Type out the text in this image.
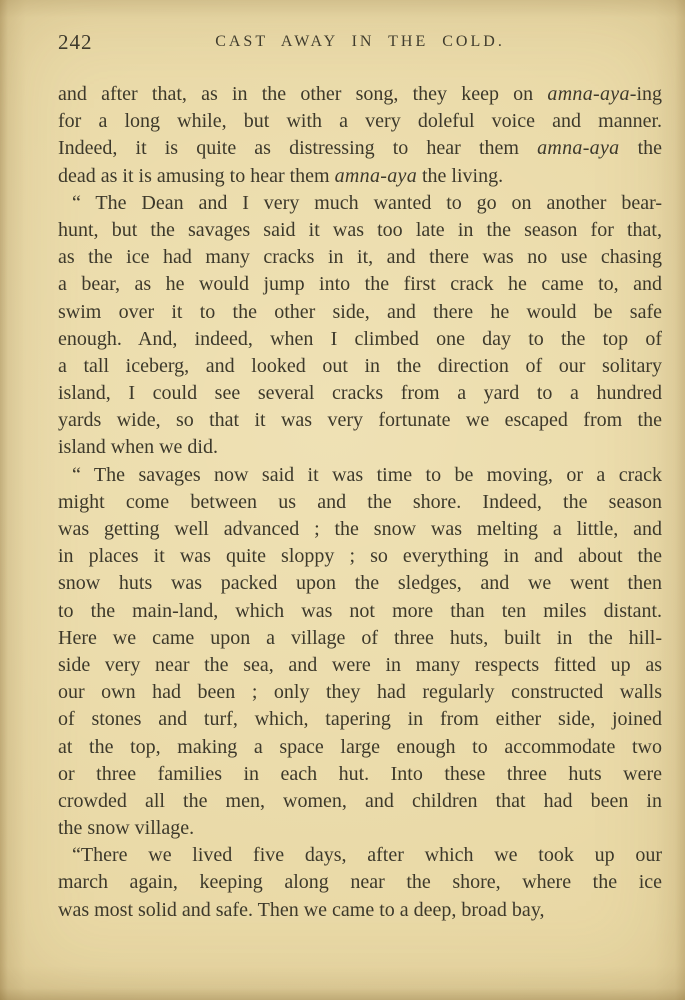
242	CAST AWAY IN THE COLD.
and after that, as in the other song, they keep on amna-aya-ing
for a long while, but with a very doleful voice and manner.
Indeed, it is quite as distressing to hear them amna-aya the
dead as it is amusing to hear them amna-aya the living.
“ The Dean and I very much wanted to go on another bear-
hunt, but the savages said it was too late in the season for that,
as the ice had many cracks in it, and there was no use chasing
a bear, as he would jump into the first crack he came to, and
swim over it to the other side, and there he would be safe
enough. And, indeed, when I climbed one day to the top of
a tall iceberg, and looked out in the direction of our solitary
island, I could see several cracks from a yard to a hundred
yards wide, so that it was very fortunate we escaped from the
island when we did.
“ The savages now said it was time to be moving, or a crack
might come between us and the shore. Indeed, the season
was getting well advanced ; the snow was melting a little, and
in places it was quite sloppy ; so everything in and about the
snow huts was packed upon the sledges, and we went then
to the main-land, which was not more than ten miles distant.
Here we came upon a village of three huts, built in the hill-
side very near the sea, and were in many respects fitted up as
our own had been ; only they had regularly constructed walls
of stones and turf, which, tapering in from either side, joined
at the top, making a space large enough to accommodate two
or three families in each hut. Into these three huts were
crowded all the men, women, and children that had been in
the snow village.
“There we lived five days, after which we took up our
march again, keeping along near the shore, where the ice
was most solid and safe. Then we came to a deep, broad bay,
